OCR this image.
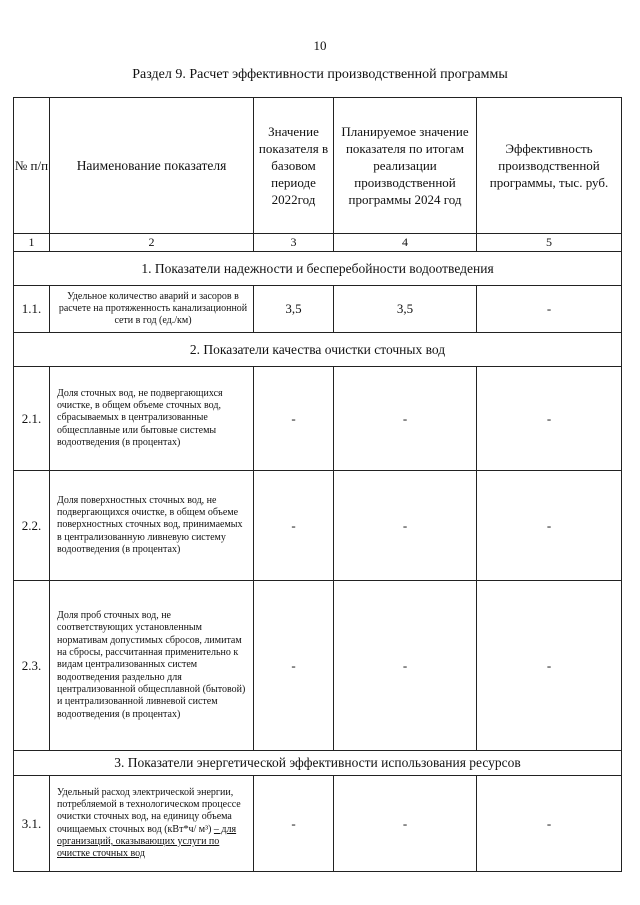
10
Раздел 9. Расчет эффективности производственной программы
№ п/п	Наименование показателя	Значение показателя в базовом периоде 2022год	Планируемое значение показателя по итогам реализации производственной программы 2024 год	Эффективность производственной программы, тыс. руб.
1	2	3	4	5
1. Показатели надежности и бесперебойности водоотведения				
1.1.	Удельное количество аварий и засоров в расчете на протяженность канализационной сети в год (ед./км)	3,5	3,5	-
2. Показатели качества очистки сточных вод				
2.1.	Доля сточных вод, не подвергающихся очистке, в общем объеме сточных вод, сбрасываемых в централизованные общесплавные или бытовые системы водоотведения (в процентах)	-	-	-
2.2.	Доля поверхностных сточных вод, не подвергающихся очистке, в общем объеме поверхностных сточных вод, принимаемых в централизованную ливневую систему водоотведения (в процентах)	-	-	-
2.3.	Доля проб сточных вод, не соответствующих установленным нормативам допустимых сбросов, лимитам на сбросы, рассчитанная применительно к видам централизованных систем водоотведения раздельно для централизованной общесплавной (бытовой) и централизованной ливневой систем водоотведения (в процентах)	-	-	-
3. Показатели энергетической эффективности использования ресурсов				
3.1.	Удельный расход электрической энергии, потребляемой в технологическом процессе очистки сточных вод, на единицу объема очищаемых сточных вод (кВт*ч/ м³) – для организаций, оказывающих услуги по очистке сточных вод	-	-	-
